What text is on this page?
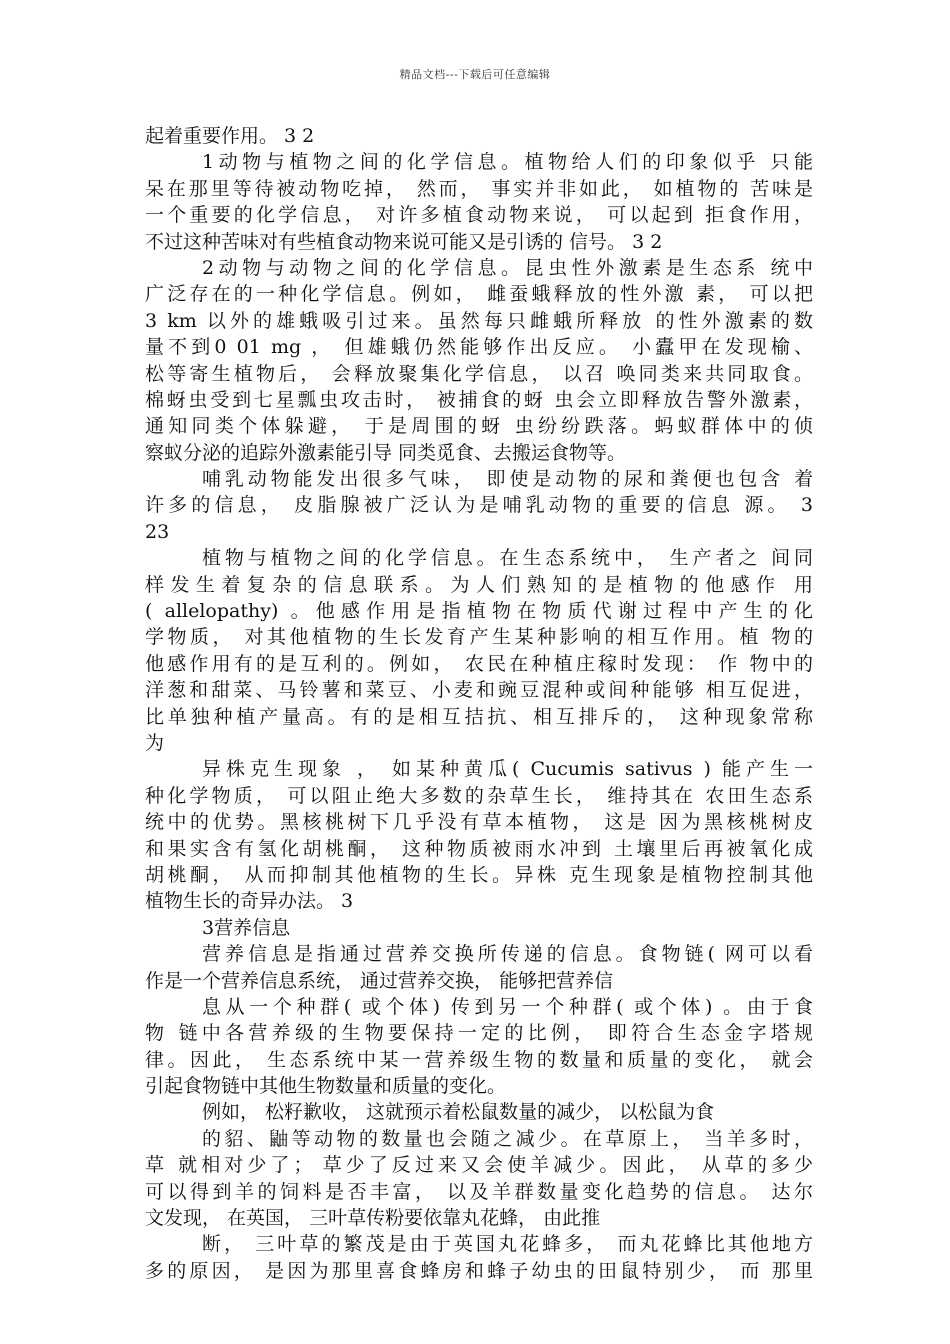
精品文档---下载后可任意编辑
起着重要作用。 3 2
1动物与植物之间的化学信息。植物给人们的印象似乎 只能
呆在那里等待被动物吃掉， 然而， 事实并非如此， 如植物的 苦味是
一个重要的化学信息， 对许多植食动物来说， 可以起到 拒食作用，
不过这种苦味对有些植食动物来说可能又是引诱的 信号。 3 2
2动物与动物之间的化学信息。昆虫性外激素是生态系 统中
广泛存在的一种化学信息。例如， 雌蚕蛾释放的性外激 素， 可以把
3 km 以外的雄蛾吸引过来。虽然每只雌蛾所释放 的性外激素的数
量不到0 01 mg ， 但雄蛾仍然能够作出反应。 小蠹甲在发现榆、
松等寄生植物后， 会释放聚集化学信息， 以召 唤同类来共同取食。
棉蚜虫受到七星瓢虫攻击时， 被捕食的蚜 虫会立即释放告警外激素，
通知同类个体躲避， 于是周围的蚜 虫纷纷跌落。蚂蚁群体中的侦
察蚁分泌的追踪外激素能引导 同类觅食、去搬运食物等。
哺乳动物能发出很多气味， 即使是动物的尿和粪便也包含 着
许多的信息， 皮脂腺被广泛认为是哺乳动物的重要的信息 源。 3
23
植物与植物之间的化学信息。在生态系统中， 生产者之 间同
样发生着复杂的信息联系。为人们熟知的是植物的他感作 用
( allelopathy) 。他感作用是指植物在物质代谢过程中产生的化
学物质， 对其他植物的生长发育产生某种影响的相互作用。植 物的
他感作用有的是互利的。例如， 农民在种植庄稼时发现： 作 物中的
洋葱和甜菜、马铃薯和菜豆、小麦和豌豆混种或间种能够 相互促进，
比单独种植产量高。有的是相互拮抗、相互排斥的， 这种现象常称
为
异株克生现象 ， 如某种黄瓜( Cucumis sativus ) 能产生一
种化学物质， 可以阻止绝大多数的杂草生长， 维持其在 农田生态系
统中的优势。黑核桃树下几乎没有草本植物， 这是 因为黑核桃树皮
和果实含有氢化胡桃酮， 这种物质被雨水冲到 土壤里后再被氧化成
胡桃酮， 从而抑制其他植物的生长。异株 克生现象是植物控制其他
植物生长的奇异办法。 3
3营养信息
营养信息是指通过营养交换所传递的信息。食物链( 网可以看
作是一个营养信息系统， 通过营养交换， 能够把营养信
息从一个种群( 或个体) 传到另一个种群( 或个体) 。由于食
物 链中各营养级的生物要保持一定的比例， 即符合生态金字塔规
律。因此， 生态系统中某一营养级生物的数量和质量的变化， 就会
引起食物链中其他生物数量和质量的变化。
例如， 松籽歉收， 这就预示着松鼠数量的减少， 以松鼠为食
的貂、鼬等动物的数量也会随之减少。在草原上， 当羊多时，
草 就相对少了； 草少了反过来又会使羊减少。因此， 从草的多少
可以得到羊的饲料是否丰富， 以及羊群数量变化趋势的信息。 达尔
文发现， 在英国， 三叶草传粉要依靠丸花蜂， 由此推
断， 三叶草的繁茂是由于英国丸花蜂多， 而丸花蜂比其他地方
多的原因， 是因为那里喜食蜂房和蜂子幼虫的田鼠特别少， 而 那里
